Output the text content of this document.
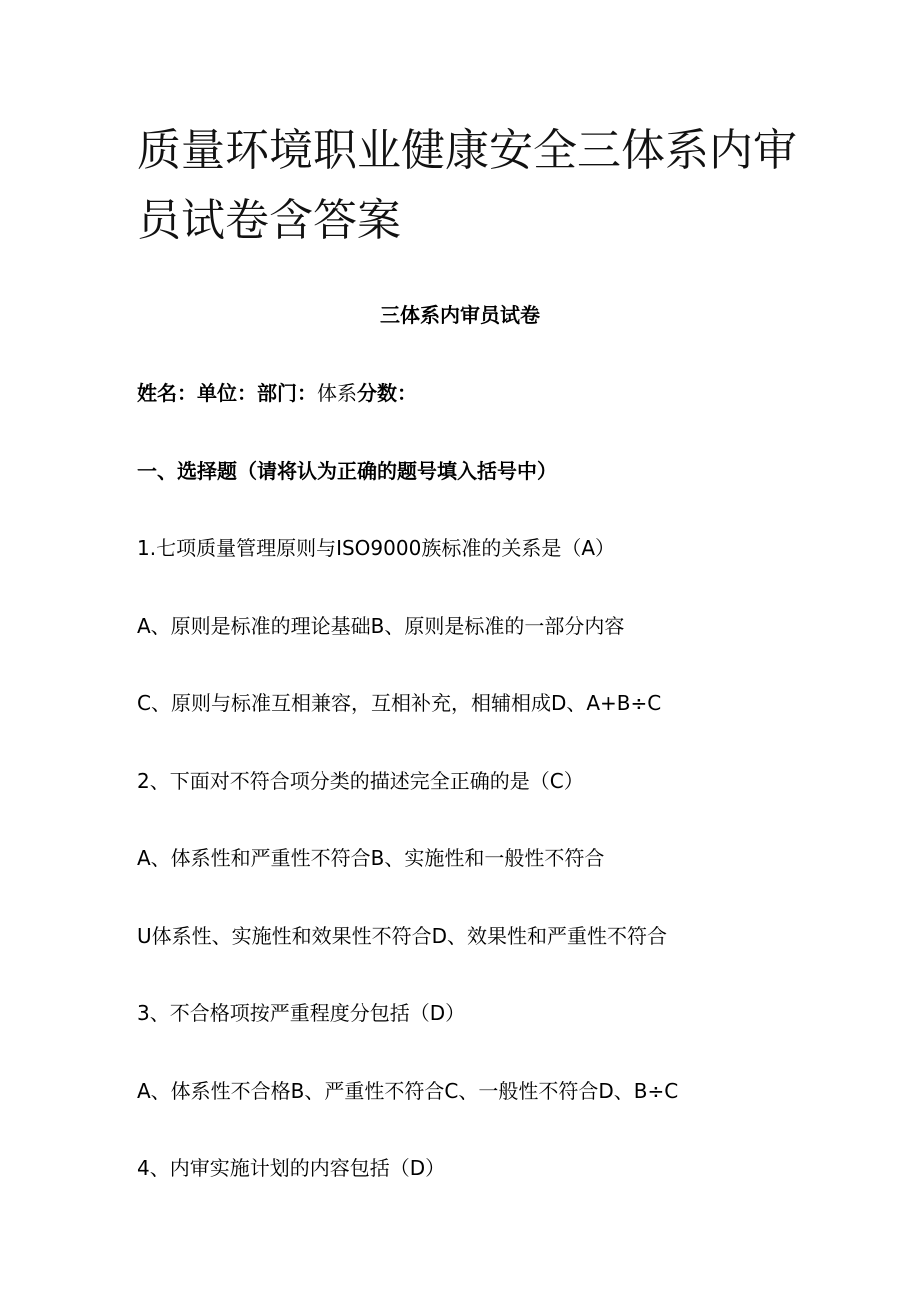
质量环境职业健康安全三体系内审员试卷含答案
三体系内审员试卷
姓名：单位：部门：体系分数：
一、选择题（请将认为正确的题号填入括号中）
1.七项质量管理原则与ISO9000族标准的关系是（A）
A、原则是标准的理论基础B、原则是标准的一部分内容
C、原则与标准互相兼容，互相补充，相辅相成D、A+B÷C
2、下面对不符合项分类的描述完全正确的是（C）
A、体系性和严重性不符合B、实施性和一般性不符合
U体系性、实施性和效果性不符合D、效果性和严重性不符合
3、不合格项按严重程度分包括（D）
A、体系性不合格B、严重性不符合C、一般性不符合D、B÷C
4、内审实施计划的内容包括（D）
